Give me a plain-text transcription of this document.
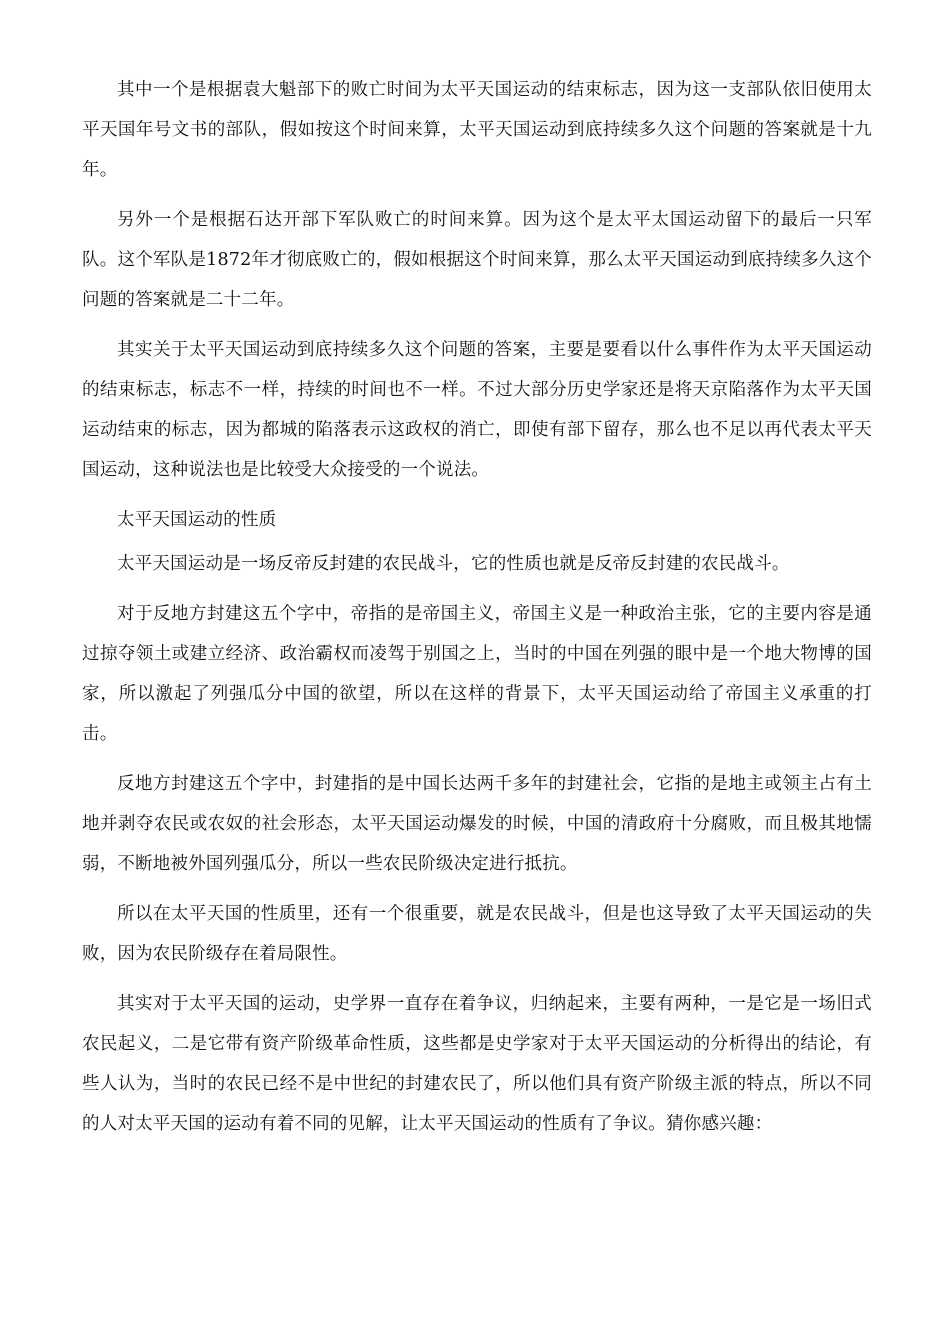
其中一个是根据袁大魁部下的败亡时间为太平天国运动的结束标志，因为这一支部队依旧使用太平天国年号文书的部队，假如按这个时间来算，太平天国运动到底持续多久这个问题的答案就是十九年。

另外一个是根据石达开部下军队败亡的时间来算。因为这个是太平太国运动留下的最后一只军队。这个军队是1872年才彻底败亡的，假如根据这个时间来算，那么太平天国运动到底持续多久这个问题的答案就是二十二年。

其实关于太平天国运动到底持续多久这个问题的答案，主要是要看以什么事件作为太平天国运动的结束标志，标志不一样，持续的时间也不一样。不过大部分历史学家还是将天京陷落作为太平天国运动结束的标志，因为都城的陷落表示这政权的消亡，即使有部下留存，那么也不足以再代表太平天国运动，这种说法也是比较受大众接受的一个说法。

太平天国运动的性质

太平天国运动是一场反帝反封建的农民战斗，它的性质也就是反帝反封建的农民战斗。

对于反地方封建这五个字中，帝指的是帝国主义，帝国主义是一种政治主张，它的主要内容是通过掠夺领土或建立经济、政治霸权而凌驾于别国之上，当时的中国在列强的眼中是一个地大物博的国家，所以激起了列强瓜分中国的欲望，所以在这样的背景下，太平天国运动给了帝国主义承重的打击。

反地方封建这五个字中，封建指的是中国长达两千多年的封建社会，它指的是地主或领主占有土地并剥夺农民或农奴的社会形态，太平天国运动爆发的时候，中国的清政府十分腐败，而且极其地懦弱，不断地被外国列强瓜分，所以一些农民阶级决定进行抵抗。

所以在太平天国的性质里，还有一个很重要，就是农民战斗，但是也这导致了太平天国运动的失败，因为农民阶级存在着局限性。

其实对于太平天国的运动，史学界一直存在着争议，归纳起来，主要有两种，一是它是一场旧式农民起义，二是它带有资产阶级革命性质，这些都是史学家对于太平天国运动的分析得出的结论，有些人认为，当时的农民已经不是中世纪的封建农民了，所以他们具有资产阶级主派的特点，所以不同的人对太平天国的运动有着不同的见解，让太平天国运动的性质有了争议。猜你感兴趣：
